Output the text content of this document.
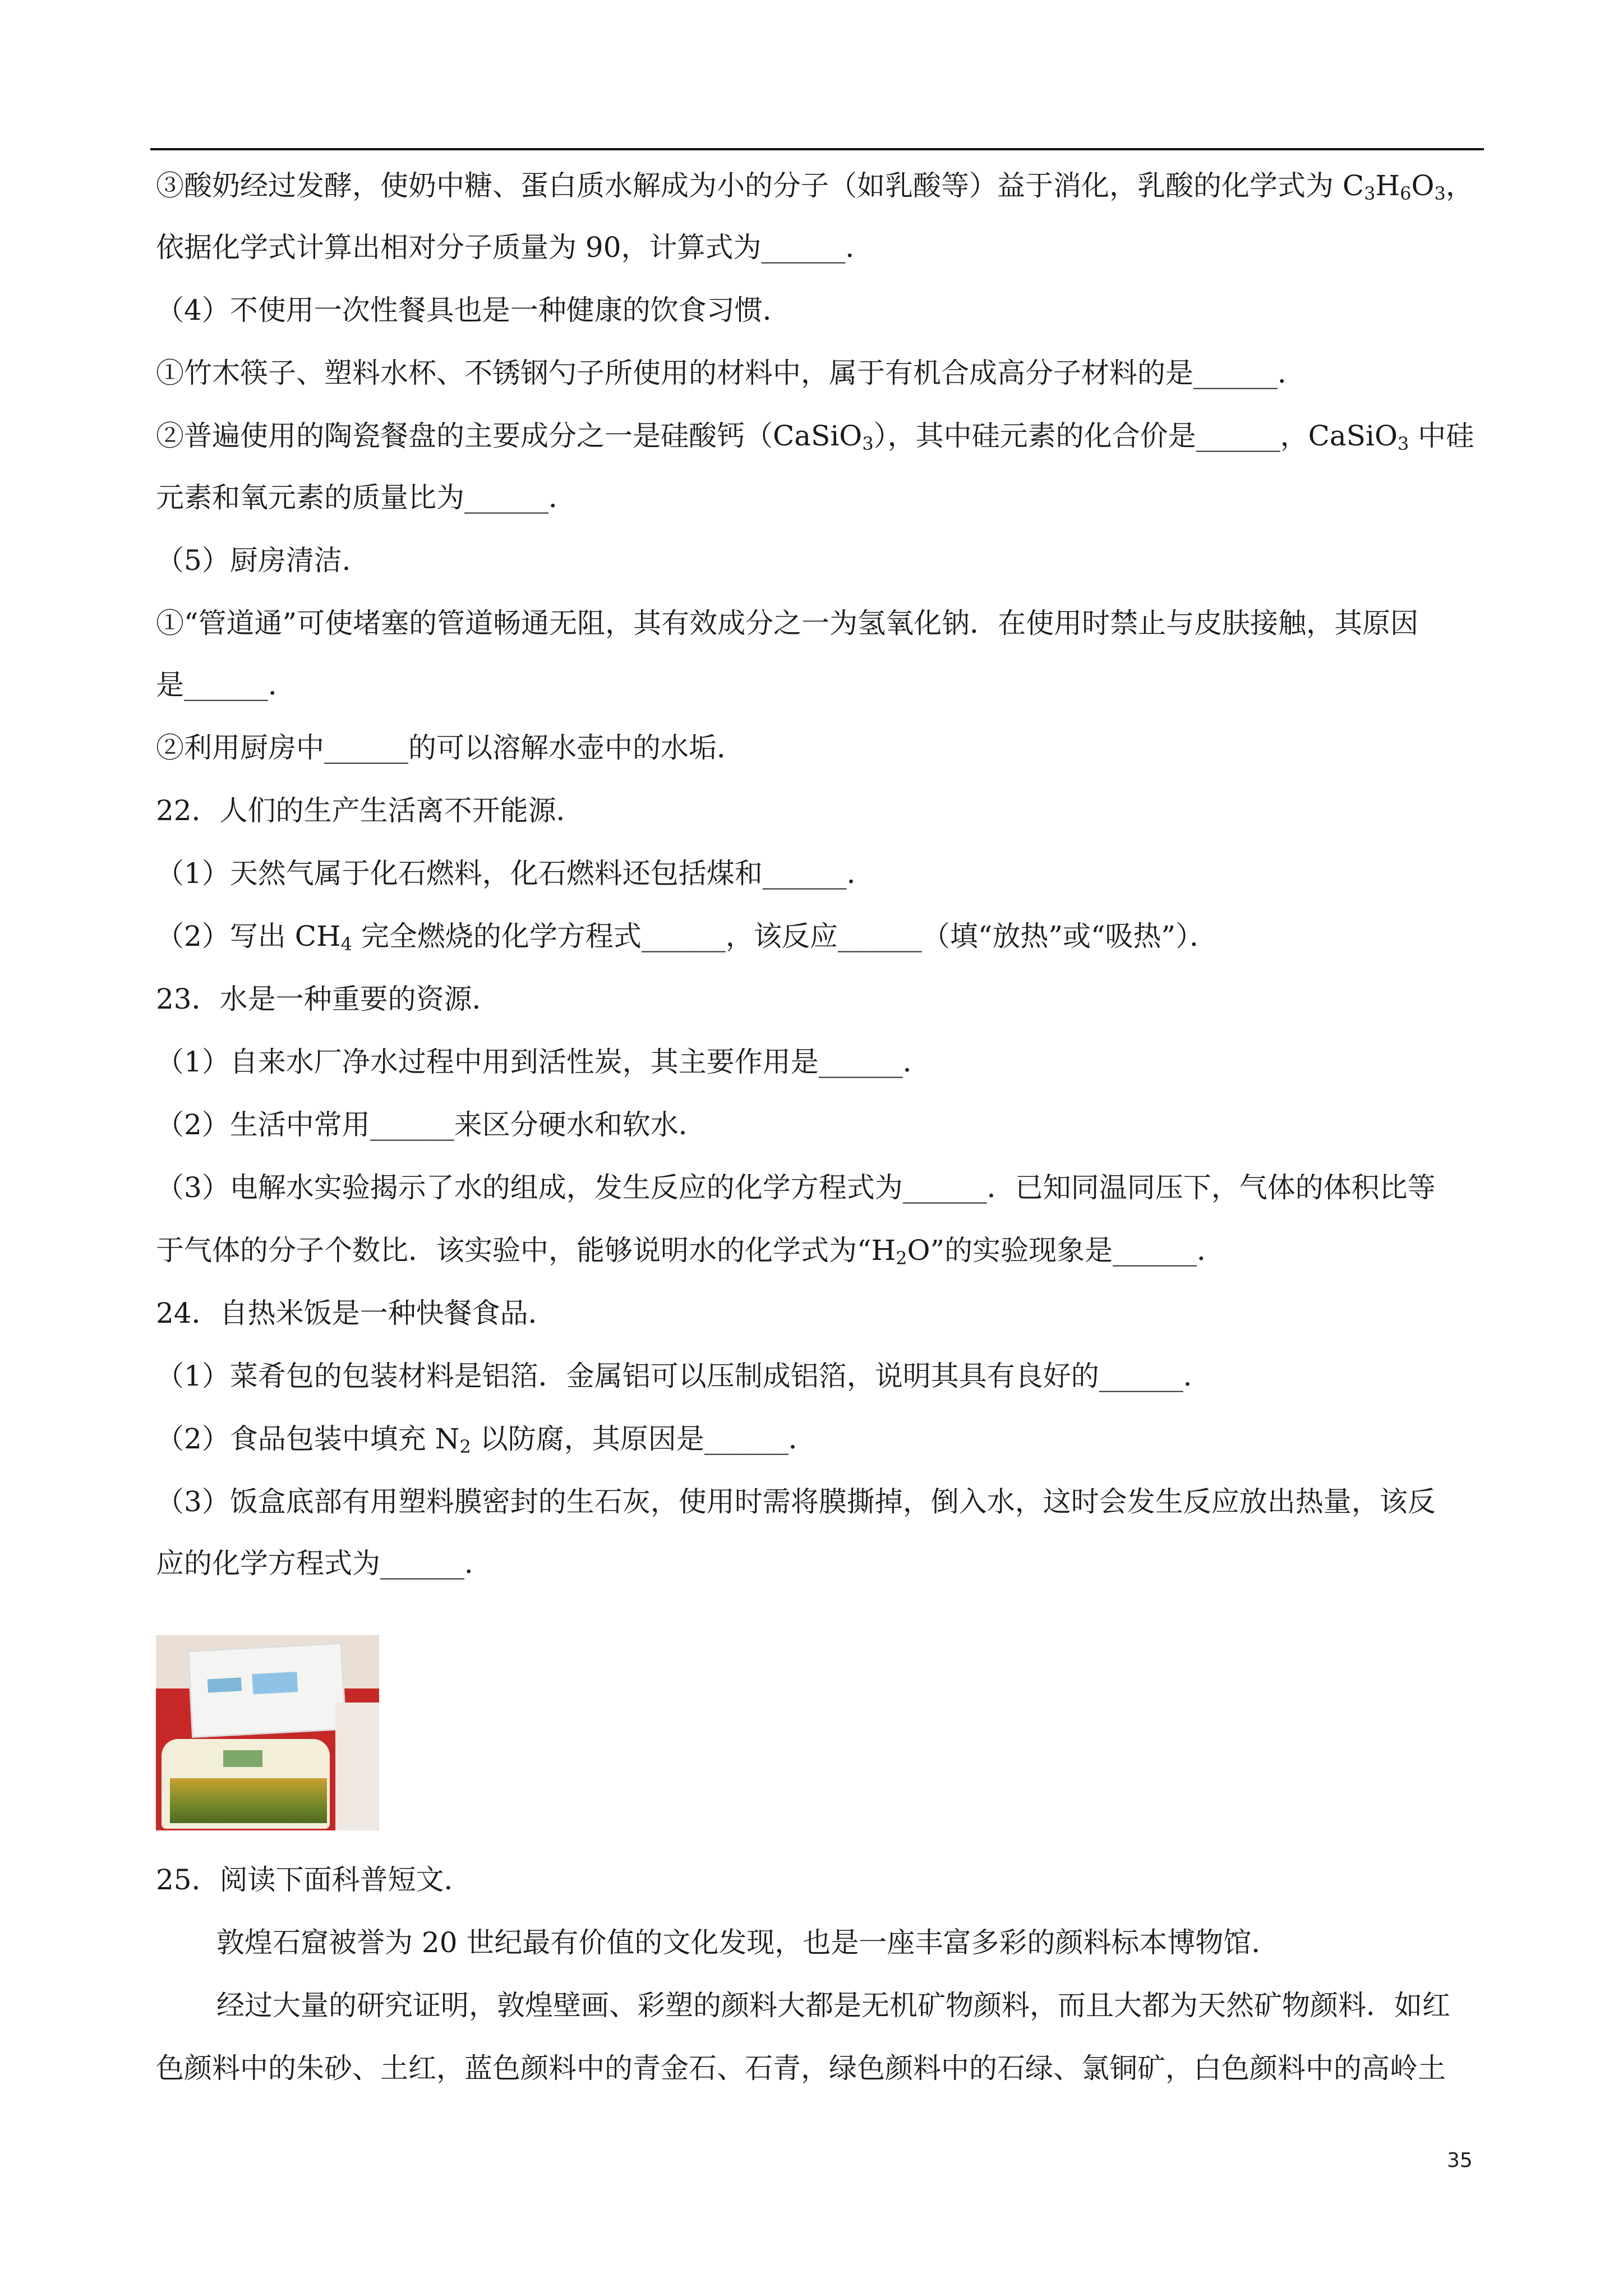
③酸奶经过发酵，使奶中糖、蛋白质水解成为小的分子（如乳酸等）益于消化，乳酸的化学式为 $C_3H_6O_3$，
依据化学式计算出相对分子质量为 90，计算式为______．
（4）不使用一次性餐具也是一种健康的饮食习惯．
①竹木筷子、塑料水杯、不锈钢勺子所使用的材料中，属于有机合成高分子材料的是______．
②普遍使用的陶瓷餐盘的主要成分之一是硅酸钙（CaSiO$_3$），其中硅元素的化合价是______，CaSiO$_3$ 中硅
元素和氧元素的质量比为______．
（5）厨房清洁．
①“管道通”可使堵塞的管道畅通无阻，其有效成分之一为氢氧化钠．在使用时禁止与皮肤接触，其原因
是______．
②利用厨房中______的可以溶解水壶中的水垢．
22．人们的生产生活离不开能源．
（1）天然气属于化石燃料，化石燃料还包括煤和______．
（2）写出 $CH_4$ 完全燃烧的化学方程式______，该反应______（填“放热”或“吸热”）．
23．水是一种重要的资源．
（1）自来水厂净水过程中用到活性炭，其主要作用是______．
（2）生活中常用______来区分硬水和软水．
（3）电解水实验揭示了水的组成，发生反应的化学方程式为______．已知同温同压下，气体的体积比等
于气体的分子个数比．该实验中，能够说明水的化学式为“$H_2O$”的实验现象是______．
24．自热米饭是一种快餐食品．
（1）菜肴包的包装材料是铝箔．金属铝可以压制成铝箔，说明其具有良好的______．
（2）食品包装中填充 $N_2$ 以防腐，其原因是______．
（3）饭盒底部有用塑料膜密封的生石灰，使用时需将膜撕掉，倒入水，这时会发生反应放出热量，该反
应的化学方程式为______．
25．阅读下面科普短文．
敦煌石窟被誉为 20 世纪最有价值的文化发现，也是一座丰富多彩的颜料标本博物馆．
经过大量的研究证明，敦煌壁画、彩塑的颜料大都是无机矿物颜料，而且大都为天然矿物颜料．如红
色颜料中的朱砂、土红，蓝色颜料中的青金石、石青，绿色颜料中的石绿、氯铜矿，白色颜料中的高岭土
35
